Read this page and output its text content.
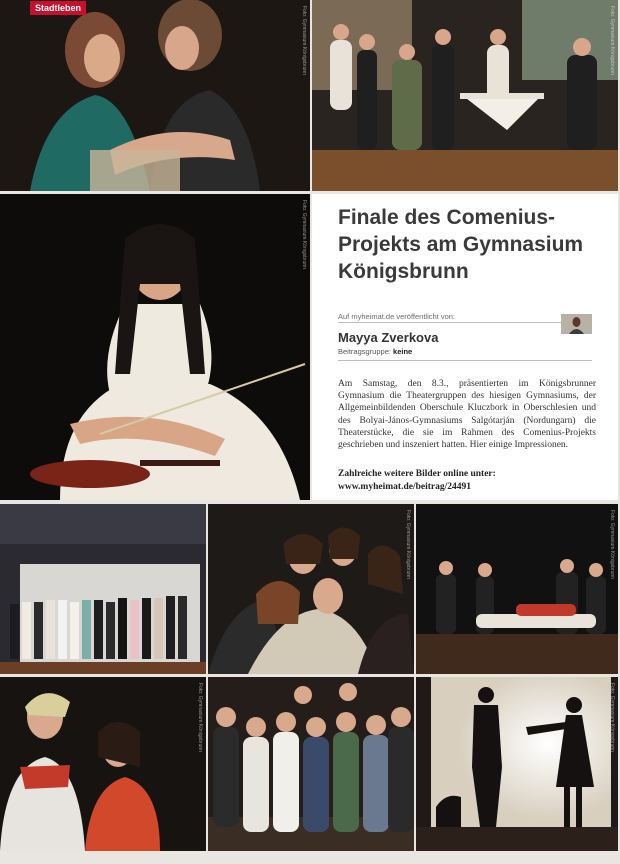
Stadtleben	Foto: Gymnasium Königsbrunn	Foto: Gymnasium Königsbrunn
Foto: Gymnasium Königsbrunn Finale des Comenius-Projekts am Gymnasium Königsbrunn
Auf myheimat.de veröffentlicht von:
Mayya Zverkova
Beitragsgruppe: keine
Am Samstag, den 8.3., präsentierten im Königsbrunner Gymnasium die Theatergruppen des hiesigen Gymnasiums, der Allgemeinbildenden Oberschule Kluczbork in Oberschlesien und des Bolyai-János-Gymnasiums Salgótarján (Nordungarn) die Theaterstücke, die sie im Rahmen des Comenius-Projekts geschrieben und inszeniert hatten. Hier einige Impressionen.
Zahlreiche weitere Bilder online unter:
www.myheimat.de/beitrag/24491
Foto: Gymnasium Königsbrunn	Foto: Gymnasium Königsbrunn
Foto: Gymnasium Königsbrunn	Foto: Gymnasium Königsbrunn
